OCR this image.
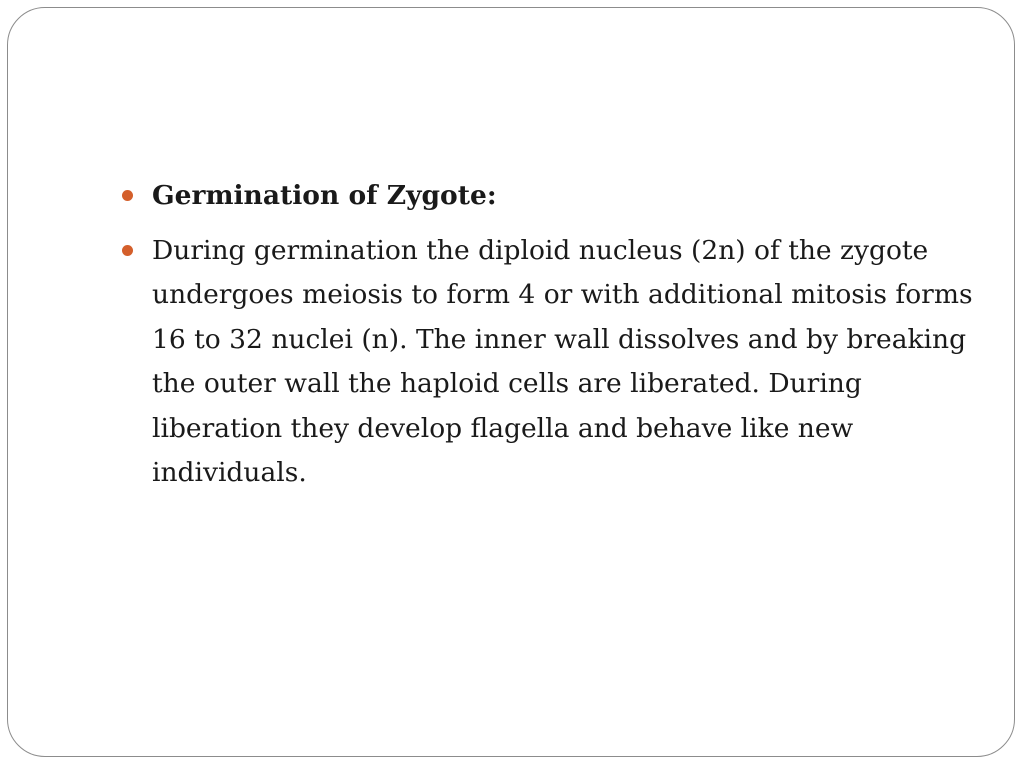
Germination of Zygote:
During germination the diploid nucleus (2n) of the zygote undergoes meiosis to form 4 or with additional mitosis forms 16 to 32 nuclei (n). The inner wall dissolves and by breaking the outer wall the haploid cells are liberated. During liberation they develop flagella and behave like new individuals.
